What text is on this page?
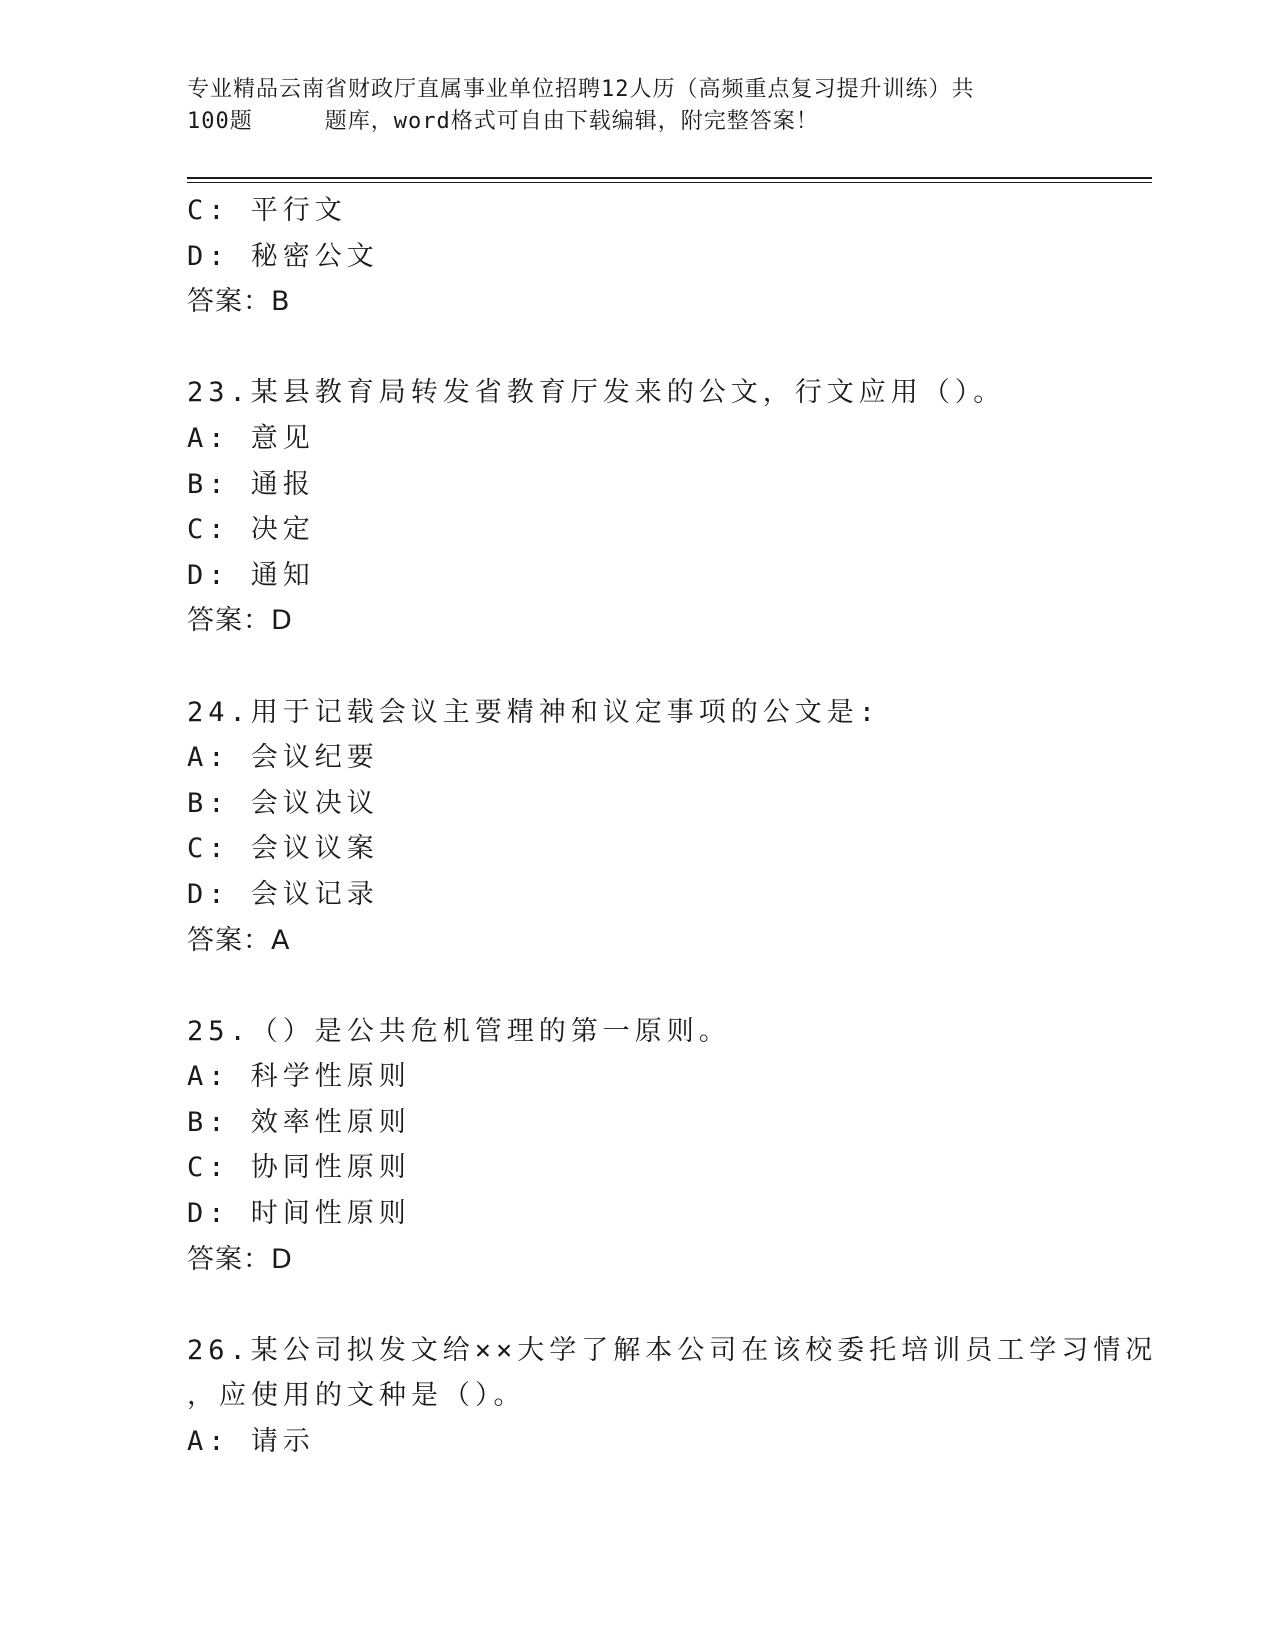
专业精品云南省财政厅直属事业单位招聘12人历（高频重点复习提升训练）共
100题	题库，word格式可自由下载编辑，附完整答案！
C: 平行文
D: 秘密公文
答案：B
23.某县教育局转发省教育厅发来的公文，行文应用（）。
A: 意见
B: 通报
C: 决定
D: 通知
答案：D
24.用于记载会议主要精神和议定事项的公文是:
A: 会议纪要
B: 会议决议
C: 会议议案
D: 会议记录
答案：A
25.（）是公共危机管理的第一原则。
A: 科学性原则
B: 效率性原则
C: 协同性原则
D: 时间性原则
答案：D
26.某公司拟发文给××大学了解本公司在该校委托培训员工学习情况
，应使用的文种是（）。
A: 请示
